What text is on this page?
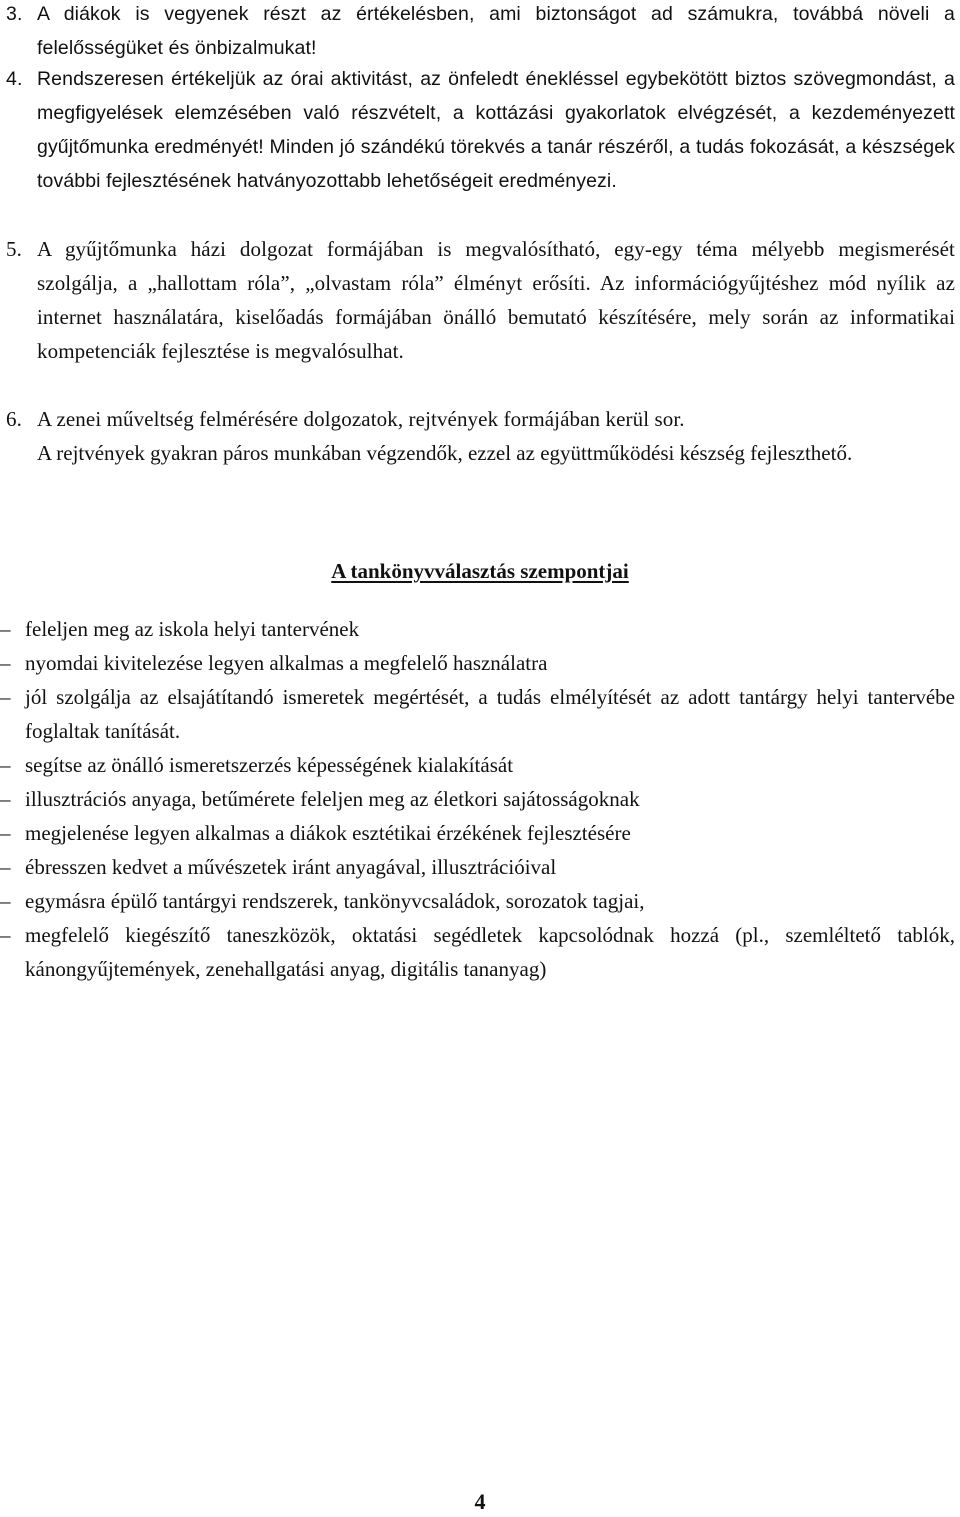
3. A diákok is vegyenek részt az értékelésben, ami biztonságot ad számukra, továbbá növeli a felelősségüket és önbizalmukat!
4. Rendszeresen értékeljük az órai aktivitást, az önfeledt énekléssel egybekötött biztos szövegmondást, a megfigyelések elemzésében való részvételt, a kottázási gyakorlatok elvégzését, a kezdeményezett gyűjtőmunka eredményét! Minden jó szándékú törekvés a tanár részéről, a tudás fokozását, a készségek további fejlesztésének hatványozottabb lehetőségeit eredményezi.
5. A gyűjtőmunka házi dolgozat formájában is megvalósítható, egy-egy téma mélyebb megismerését szolgálja, a „hallottam róla”, „olvastam róla” élményt erősíti. Az információgyűjtéshez mód nyílik az internet használatára, kiselőadás formájában önálló bemutató készítésére, mely során az informatikai kompetenciák fejlesztése is megvalósulhat.
6. A zenei műveltség felmérésére dolgozatok, rejtvények formájában kerül sor.
A rejtvények gyakran páros munkában végzendők, ezzel az együttműködési készség fejleszthető.
A tankönyvválasztás szempontjai
– feleljen meg az iskola helyi tantervének
– nyomdai kivitelezése legyen alkalmas a megfelelő használatra
– jól szolgálja az elsajátítandó ismeretek megértését, a tudás elmélyítését az adott tantárgy helyi tantervébe foglaltak tanítását.
– segítse az önálló ismeretszerzés képességének kialakítását
– illusztrációs anyaga, betűmérete feleljen meg az életkori sajátosságoknak
– megjelenése legyen alkalmas a diákok esztétikai érzékének fejlesztésére
– ébresszen kedvet a művészetek iránt anyagával, illusztrációival
– egymásra épülő tantárgyi rendszerek, tankönyvcsaládok, sorozatok tagjai,
– megfelelő kiegészítő taneszközök, oktatási segédletek kapcsolódnak hozzá (pl., szemléltető tablók, kánongyűjtemények, zenehallgatási anyag, digitális tananyag)
4
